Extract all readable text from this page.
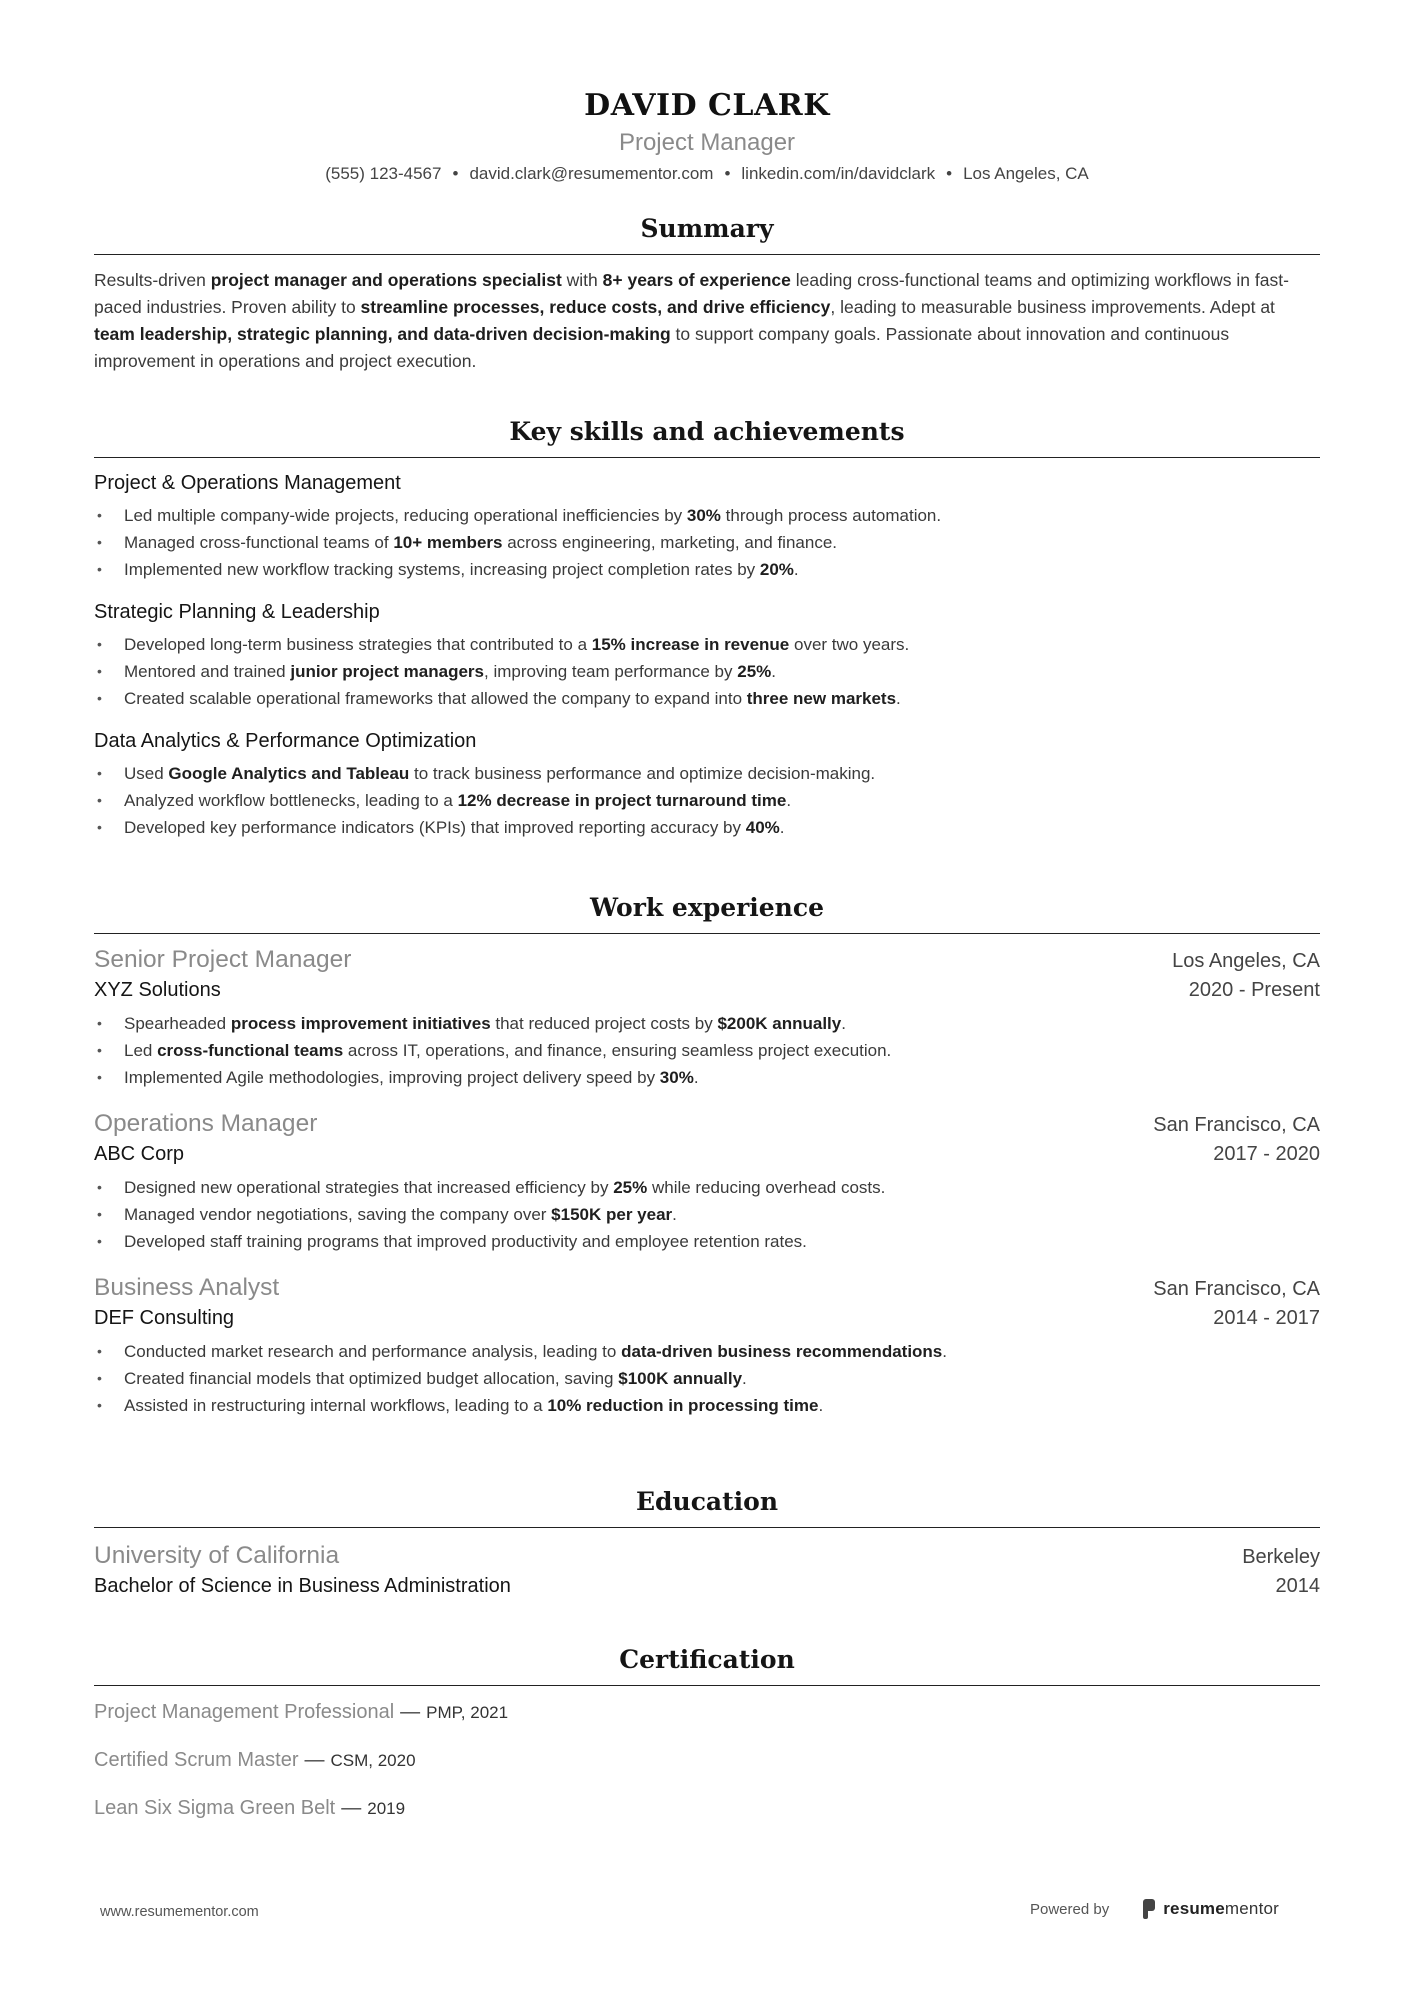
DAVID CLARK
Project Manager
(555) 123-4567 • david.clark@resumementor.com • linkedin.com/in/davidclark • Los Angeles, CA
Summary
Results-driven project manager and operations specialist with 8+ years of experience leading cross-functional teams and optimizing workflows in fast-paced industries. Proven ability to streamline processes, reduce costs, and drive efficiency, leading to measurable business improvements. Adept at team leadership, strategic planning, and data-driven decision-making to support company goals. Passionate about innovation and continuous improvement in operations and project execution.
Key skills and achievements
Project & Operations Management
• Led multiple company-wide projects, reducing operational inefficiencies by 30% through process automation.
• Managed cross-functional teams of 10+ members across engineering, marketing, and finance.
• Implemented new workflow tracking systems, increasing project completion rates by 20%.
Strategic Planning & Leadership
• Developed long-term business strategies that contributed to a 15% increase in revenue over two years.
• Mentored and trained junior project managers, improving team performance by 25%.
• Created scalable operational frameworks that allowed the company to expand into three new markets.
Data Analytics & Performance Optimization
• Used Google Analytics and Tableau to track business performance and optimize decision-making.
• Analyzed workflow bottlenecks, leading to a 12% decrease in project turnaround time.
• Developed key performance indicators (KPIs) that improved reporting accuracy by 40%.
Work experience
Senior Project Manager	Los Angeles, CA
XYZ Solutions	2020 - Present
• Spearheaded process improvement initiatives that reduced project costs by $200K annually.
• Led cross-functional teams across IT, operations, and finance, ensuring seamless project execution.
• Implemented Agile methodologies, improving project delivery speed by 30%.
Operations Manager	San Francisco, CA
ABC Corp	2017 - 2020
• Designed new operational strategies that increased efficiency by 25% while reducing overhead costs.
• Managed vendor negotiations, saving the company over $150K per year.
• Developed staff training programs that improved productivity and employee retention rates.
Business Analyst	San Francisco, CA
DEF Consulting	2014 - 2017
• Conducted market research and performance analysis, leading to data-driven business recommendations.
• Created financial models that optimized budget allocation, saving $100K annually.
• Assisted in restructuring internal workflows, leading to a 10% reduction in processing time.
Education
University of California	Berkeley
Bachelor of Science in Business Administration	2014
Certification
Project Management Professional — PMP, 2021
Certified Scrum Master — CSM, 2020
Lean Six Sigma Green Belt — 2019
www.resumementor.com	Powered by	resumementor
